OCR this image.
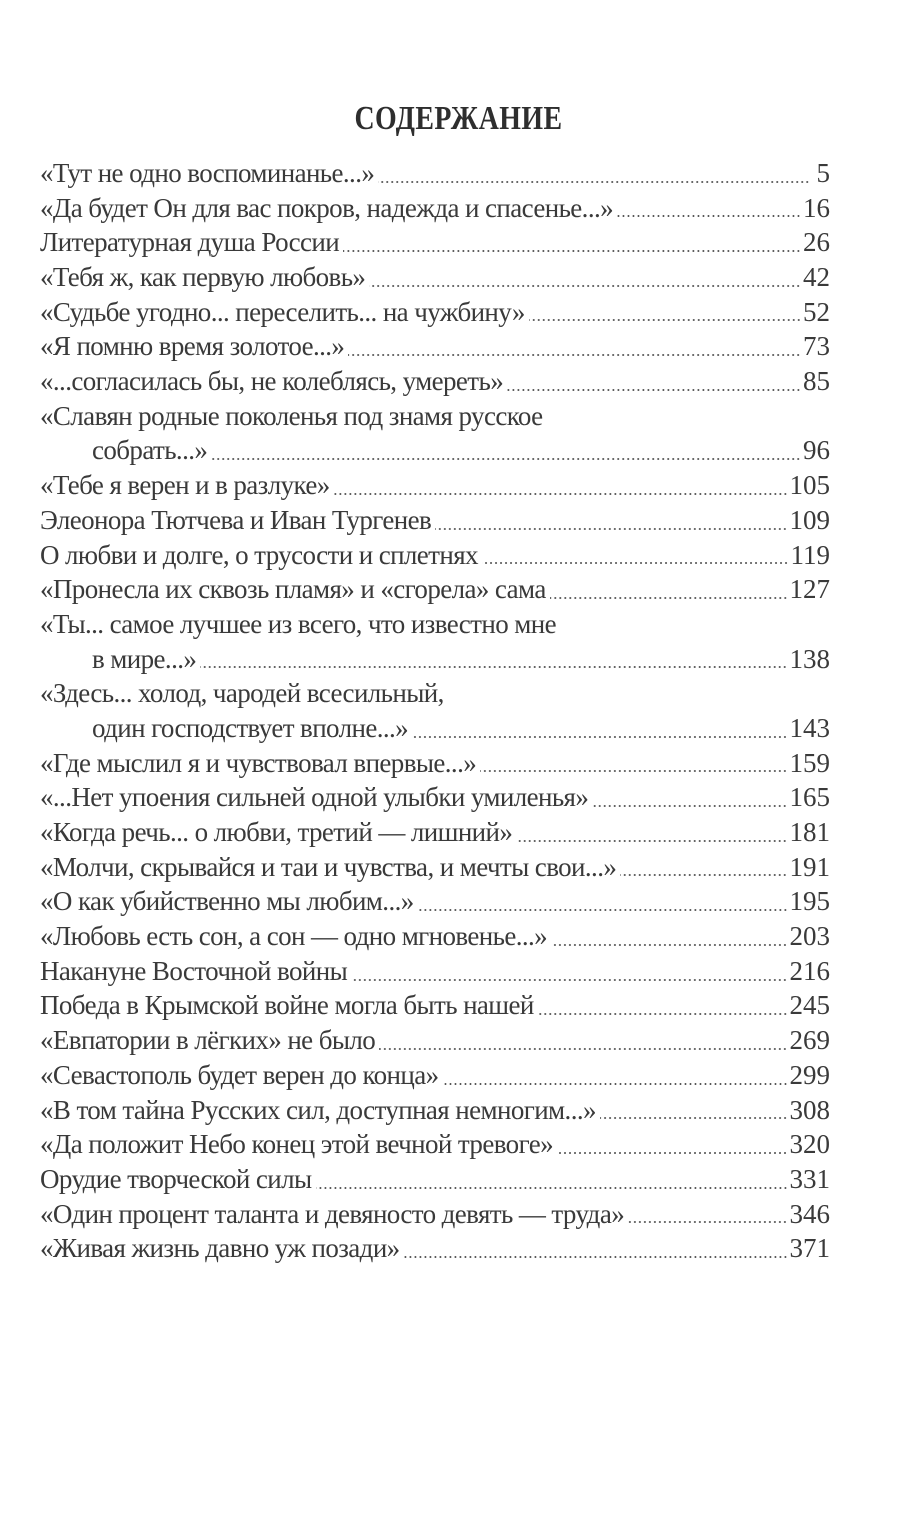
СОДЕРЖАНИЕ
«Тут не одно воспоминанье...»	5
«Да будет Он для вас покров, надежда и спасенье...»	16
Литературная душа России	26
«Тебя ж, как первую любовь»	42
«Судьбе угодно... переселить... на чужбину»	52
«Я помню время золотое...»	73
«...согласилась бы, не колеблясь, умереть»	85
«Славян родные поколенья под знамя русское
собрать...»	96
«Тебе я верен и в разлуке»	105
Элеонора Тютчева и Иван Тургенев	109
О любви и долге, о трусости и сплетнях	119
«Пронесла их сквозь пламя» и «сгорела» сама	127
«Ты... самое лучшее из всего, что известно мне
в мире...»	138
«Здесь... холод, чародей всесильный,
один господствует вполне...»	143
«Где мыслил я и чувствовал впервые...»	159
«...Нет упоения сильней одной улыбки умиленья»	165
«Когда речь... о любви, третий — лишний»	181
«Молчи, скрывайся и таи и чувства, и мечты свои...»	191
«О как убийственно мы любим...»	195
«Любовь есть сон, а сон — одно мгновенье...»	203
Накануне Восточной войны	216
Победа в Крымской войне могла быть нашей	245
«Евпатории в лёгких» не было	269
«Севастополь будет верен до конца»	299
«В том тайна Русских сил, доступная немногим...»	308
«Да положит Небо конец этой вечной тревоге»	320
Орудие творческой силы	331
«Один процент таланта и девяносто девять — труда»	346
«Живая жизнь давно уж позади»	371
